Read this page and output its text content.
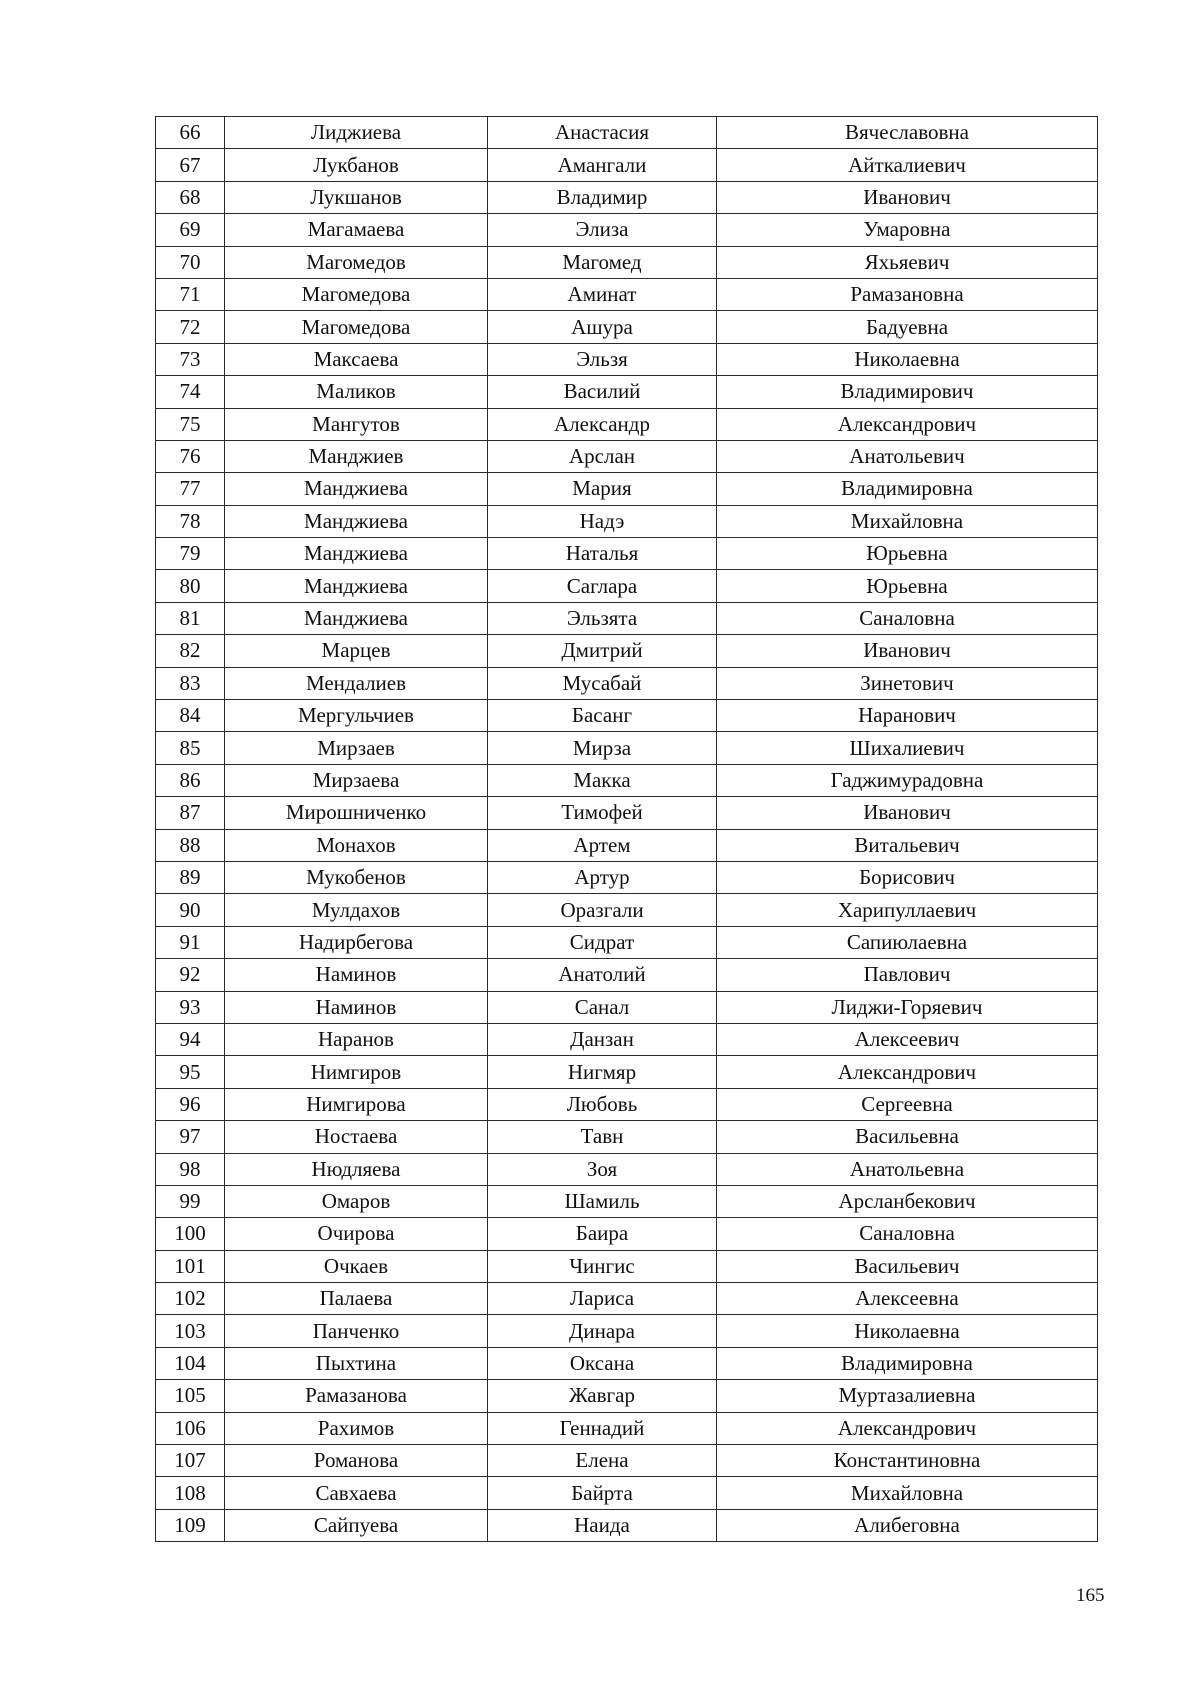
66	Лиджиева	Анастасия	Вячеславовна
67	Лукбанов	Амангали	Айткалиевич
68	Лукшанов	Владимир	Иванович
69	Магамаева	Элиза	Умаровна
70	Магомедов	Магомед	Яхьяевич
71	Магомедова	Аминат	Рамазановна
72	Магомедова	Ашура	Бадуевна
73	Максаева	Эльзя	Николаевна
74	Маликов	Василий	Владимирович
75	Мангутов	Александр	Александрович
76	Манджиев	Арслан	Анатольевич
77	Манджиева	Мария	Владимировна
78	Манджиева	Надэ	Михайловна
79	Манджиева	Наталья	Юрьевна
80	Манджиева	Саглара	Юрьевна
81	Манджиева	Эльзята	Саналовна
82	Марцев	Дмитрий	Иванович
83	Мендалиев	Мусабай	Зинетович
84	Мергульчиев	Басанг	Наранович
85	Мирзаев	Мирза	Шихалиевич
86	Мирзаева	Макка	Гаджимурадовна
87	Мирошниченко	Тимофей	Иванович
88	Монахов	Артем	Витальевич
89	Мукобенов	Артур	Борисович
90	Мулдахов	Оразгали	Харипуллаевич
91	Надирбегова	Сидрат	Сапиюлаевна
92	Наминов	Анатолий	Павлович
93	Наминов	Санал	Лиджи-Горяевич
94	Наранов	Данзан	Алексеевич
95	Нимгиров	Нигмяр	Александрович
96	Нимгирова	Любовь	Сергеевна
97	Ностаева	Тавн	Васильевна
98	Нюдляева	Зоя	Анатольевна
99	Омаров	Шамиль	Арсланбекович
100	Очирова	Баира	Саналовна
101	Очкаев	Чингис	Васильевич
102	Палаева	Лариса	Алексеевна
103	Панченко	Динара	Николаевна
104	Пыхтина	Оксана	Владимировна
105	Рамазанова	Жавгар	Муртазалиевна
106	Рахимов	Геннадий	Александрович
107	Романова	Елена	Константиновна
108	Савхаева	Байрта	Михайловна
109	Сайпуева	Наида	Алибеговна
165
